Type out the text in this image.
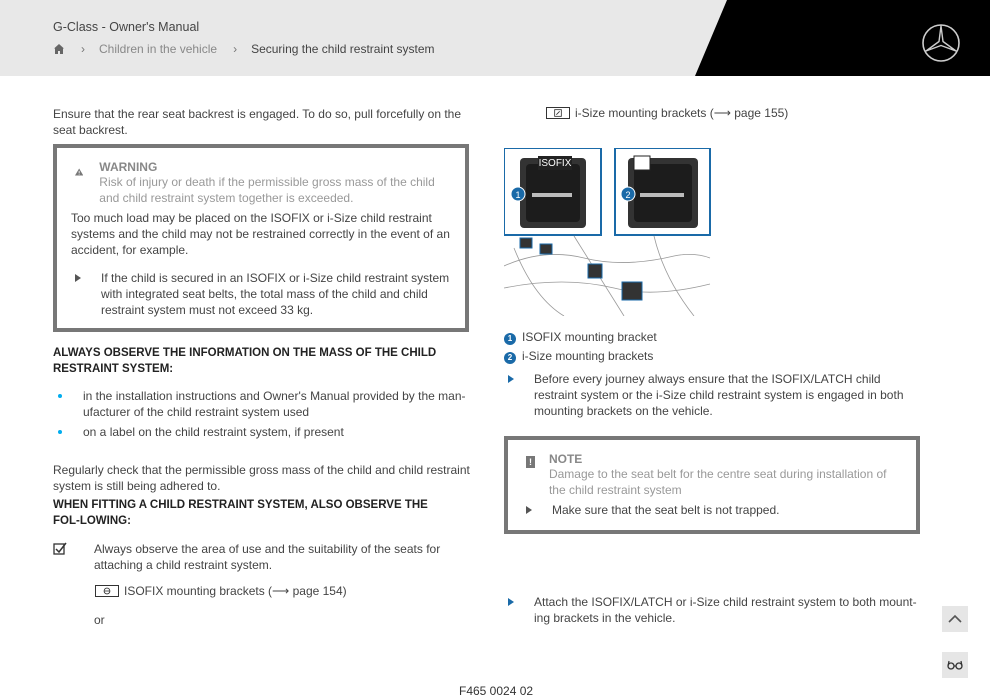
G-Class - Owner's Manual
› Children in the vehicle › Securing the child restraint system

Ensure that the rear seat backrest is engaged. To do so, pull forcefully on the seat backrest.

WARNING
Risk of injury or death if the permissible gross mass of the child and child restraint system together is exceeded.

Too much load may be placed on the ISOFIX or i-Size child restraint systems and the child may not be restrained correctly in the event of an accident, for example.

If the child is secured in an ISOFIX or i-Size child restraint system with integrated seat belts, the total mass of the child and child restraint system must not exceed 33 kg.
ALWAYS OBSERVE THE INFORMATION ON THE MASS OF THE CHILD RESTRAINT SYSTEM:
in the installation instructions and Owner's Manual provided by the man-ufacturer of the child restraint system used
on a label on the child restraint system, if present

Regularly check that the permissible gross mass of the child and child restraint system is still being adhered to.

WHEN FITTING A CHILD RESTRAINT SYSTEM, ALSO OBSERVE THE FOL-LOWING:

Always observe the area of use and the suitability of the seats for attaching a child restraint system.

ISOFIX mounting brackets (⟶ page 154)

or

i-Size mounting brackets (⟶ page 155)
ISOFIX
1	2
1 ISOFIX mounting bracket
2 i-Size mounting brackets
Before every journey always ensure that the ISOFIX/LATCH child restraint system or the i-Size child restraint system is engaged in both mounting brackets on the vehicle.
! NOTE
Damage to the seat belt for the centre seat during installation of the child restraint system
Make sure that the seat belt is not trapped.
Attach the ISOFIX/LATCH or i-Size child restraint system to both mount-ing brackets in the vehicle.
F465 0024 02
